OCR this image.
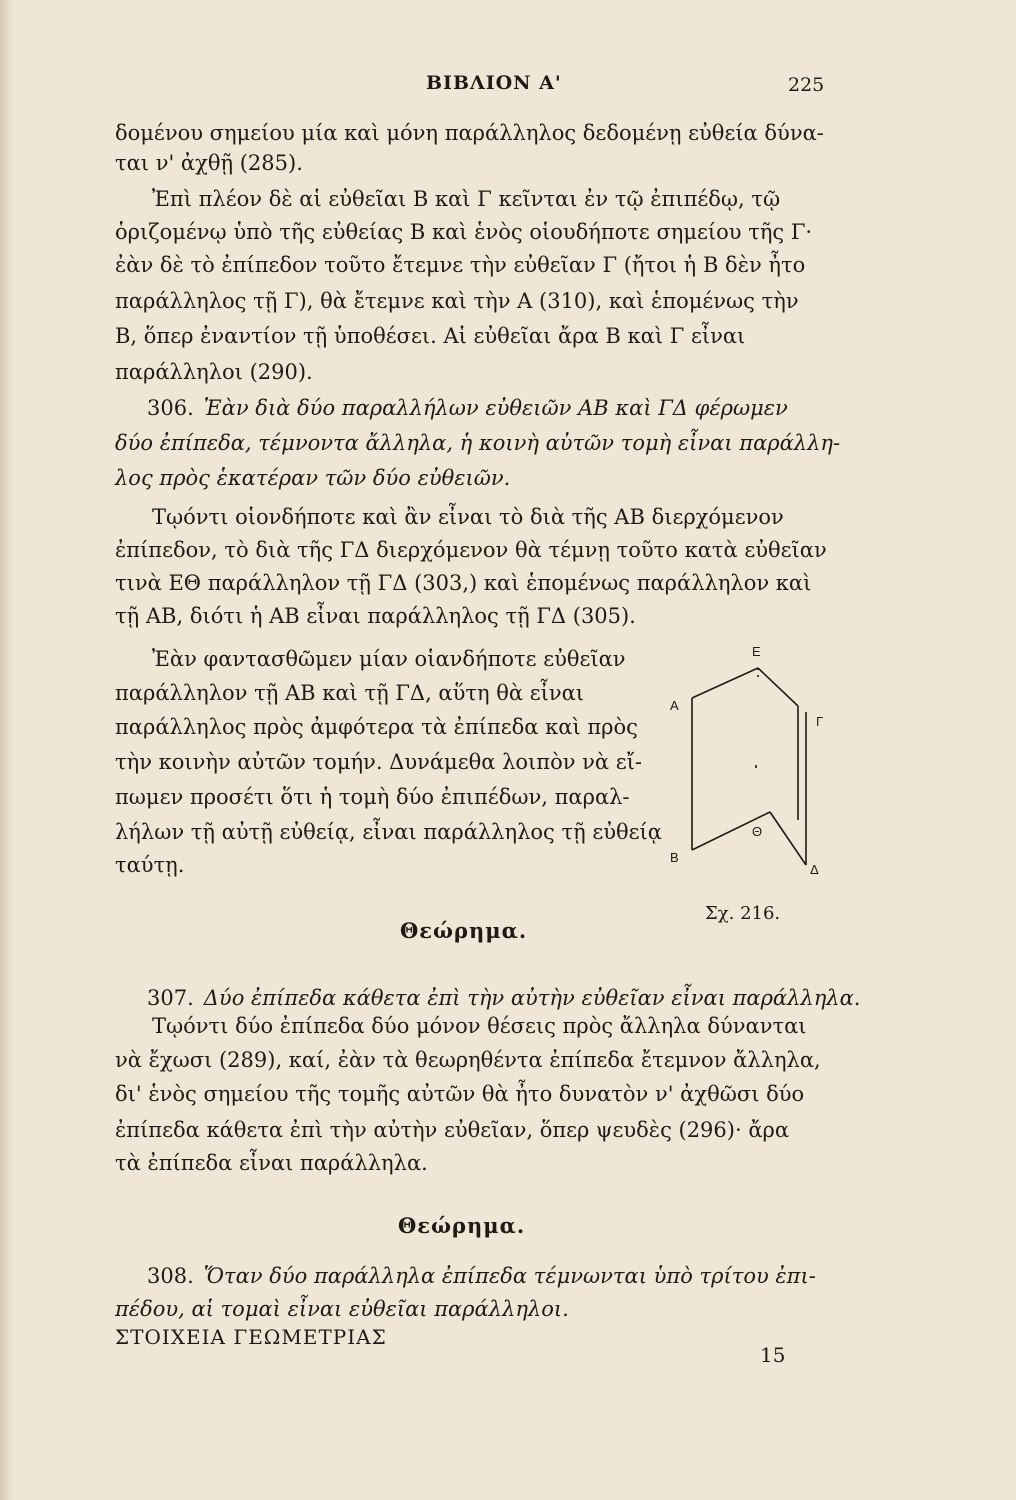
ΒΙΒΛΙΟΝ Α'	225
δομένου σημείου μία καὶ μόνη παράλληλος δεδομένῃ εὐθεία δύνα-
ται ν' ἀχθῇ (285).
Ἐπὶ πλέον δὲ αἱ εὐθεῖαι Β καὶ Γ κεῖνται ἐν τῷ ἐπιπέδῳ, τῷ
ὁριζομένῳ ὑπὸ τῆς εὐθείας Β καὶ ἑνὸς οἱουδήποτε σημείου τῆς Γ·
ἐὰν δὲ τὸ ἐπίπεδον τοῦτο ἔτεμνε τὴν εὐθεῖαν Γ (ἤτοι ἡ Β δὲν ἦτο
παράλληλος τῇ Γ), θὰ ἔτεμνε καὶ τὴν Α (310), καὶ ἑπομένως τὴν
Β, ὅπερ ἐναντίον τῇ ὑποθέσει. Αἱ εὐθεῖαι ἄρα Β καὶ Γ εἶναι
παράλληλοι (290).
306. Ἐὰν διὰ δύο παραλλήλων εὐθειῶν ΑΒ καὶ ΓΔ φέρωμεν
δύο ἐπίπεδα, τέμνοντα ἄλληλα, ἡ κοινὴ αὐτῶν τομὴ εἶναι παράλλη-
λος πρὸς ἑκατέραν τῶν δύο εὐθειῶν.
Τῳόντι οἱονδήποτε καὶ ἂν εἶναι τὸ διὰ τῆς ΑΒ διερχόμενον
ἐπίπεδον, τὸ διὰ τῆς ΓΔ διερχόμενον θὰ τέμνῃ τοῦτο κατὰ εὐθεῖαν
τινὰ ΕΘ παράλληλον τῇ ΓΔ (303,) καὶ ἑπομένως παράλληλον καὶ
τῇ ΑΒ, διότι ἡ ΑΒ εἶναι παράλληλος τῇ ΓΔ (305).
Ἐὰν φαντασθῶμεν μίαν οἱανδήποτε εὐθεῖαν
παράλληλον τῇ ΑΒ καὶ τῇ ΓΔ, αὕτη θὰ εἶναι
παράλληλος πρὸς ἀμφότερα τὰ ἐπίπεδα καὶ πρὸς
τὴν κοινὴν αὐτῶν τομήν. Δυνάμεθα λοιπὸν νὰ εἴ-
πωμεν προσέτι ὅτι ἡ τομὴ δύο ἐπιπέδων, παραλ-
λήλων τῇ αὐτῇ εὐθείᾳ, εἶναι παράλληλος τῇ εὐθείᾳ
ταύτῃ.
E
A
Γ
B
Θ
Δ
Σχ. 216.
Θεώρημα.
307. Δύο ἐπίπεδα κάθετα ἐπὶ τὴν αὐτὴν εὐθεῖαν εἶναι παράλληλα.
Τῳόντι δύο ἐπίπεδα δύο μόνον θέσεις πρὸς ἄλληλα δύνανται
νὰ ἔχωσι (289), καί, ἐὰν τὰ θεωρηθέντα ἐπίπεδα ἔτεμνον ἄλληλα,
δι' ἑνὸς σημείου τῆς τομῆς αὐτῶν θὰ ἦτο δυνατὸν ν' ἀχθῶσι δύο
ἐπίπεδα κάθετα ἐπὶ τὴν αὐτὴν εὐθεῖαν, ὅπερ ψευδὲς (296)· ἄρα
τὰ ἐπίπεδα εἶναι παράλληλα.
Θεώρημα.
308. Ὅταν δύο παράλληλα ἐπίπεδα τέμνωνται ὑπὸ τρίτου ἐπι-
πέδου, αἱ τομαὶ εἶναι εὐθεῖαι παράλληλοι.
ΣΤΟΙΧΕΙΑ ΓΕΩΜΕΤΡΙΑΣ
15
